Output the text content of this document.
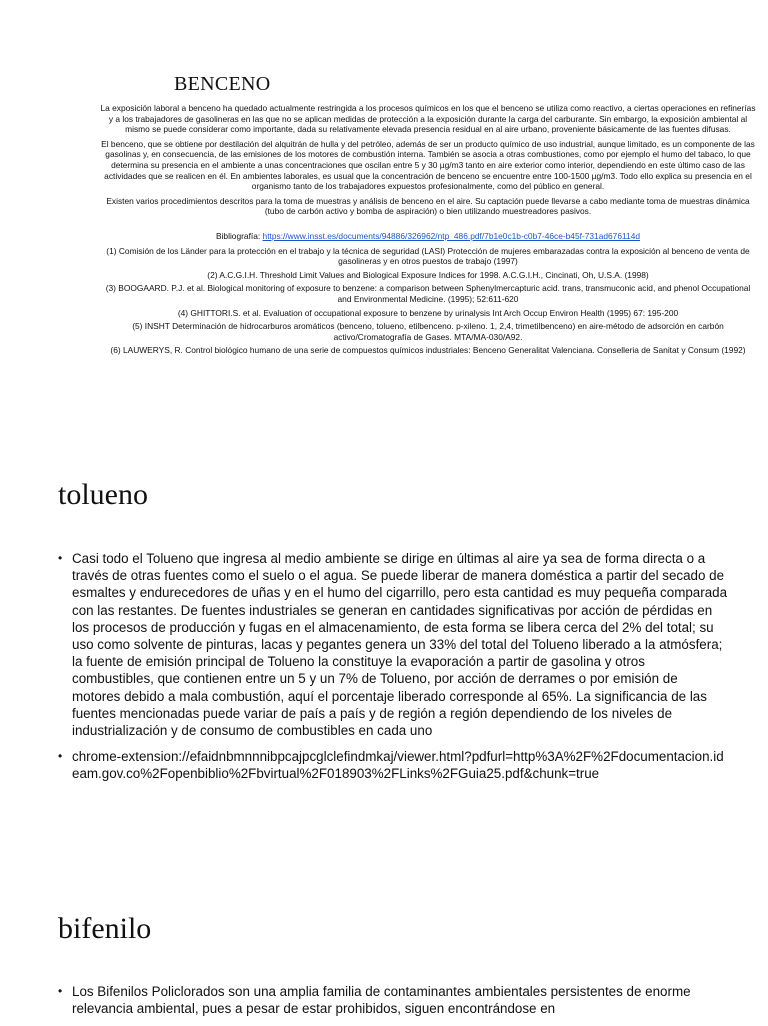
BENCENO

La exposición laboral a benceno ha quedado actualmente restringida a los procesos químicos en los que el benceno se utiliza como reactivo, a ciertas operaciones en refinerías y a los trabajadores de gasolineras en las que no se aplican medidas de protección a la exposición durante la carga del carburante. Sin embargo, la exposición ambiental al mismo se puede considerar como importante, dada su relativamente elevada presencia residual en al aire urbano, proveniente básicamente de las fuentes difusas.

El benceno, que se obtiene por destilación del alquitrán de hulla y del petróleo, además de ser un producto químico de uso industrial, aunque limitado, es un componente de las gasolinas y, en consecuencia, de las emisiones de los motores de combustión interna. También se asocia a otras combustiones, como por ejemplo el humo del tabaco, lo que determina su presencia en el ambiente a unas concentraciones que oscilan entre 5 y 30 µg/m3 tanto en aire exterior como interior, dependiendo en este último caso de las actividades que se realicen en él. En ambientes laborales, es usual que la concentración de benceno se encuentre entre 100-1500 µg/m3. Todo ello explica su presencia en el organismo tanto de los trabajadores expuestos profesionalmente, como del público en general.

Existen varios procedimientos descritos para la toma de muestras y análisis de benceno en el aire. Su captación puede llevarse a cabo mediante toma de muestras dinámica (tubo de carbón activo y bomba de aspiración) o bien utilizando muestreadores pasivos.

Bibliografía: https://www.insst.es/documents/94886/326962/ntp_486.pdf/7b1e0c1b-c0b7-46ce-b45f-731ad676114d

(1) Comisión de los Länder para la protección en el trabajo y la técnica de seguridad (LASI) Protección de mujeres embarazadas contra la exposición al benceno de venta de gasolineras y en otros puestos de trabajo (1997)

(2) A.C.G.I.H. Threshold Limit Values and Biological Exposure Indices for 1998. A.C.G.I.H., Cincinati, Oh, U.S.A. (1998)

(3) BOOGAARD. P.J. et al. Biological monitoring of exposure to benzene: a comparison between Sphenylmercapturic acid. trans, transmuconic acid, and phenol Occupational and Environmental Medicine. (1995); 52:611-620

(4) GHITTORI.S. et al. Evaluation of occupational exposure to benzene by urinalysis Int Arch Occup Environ Health (1995) 67: 195-200

(5) INSHT Determinación de hidrocarburos aromáticos (benceno, tolueno, etilbenceno. p-xileno. 1, 2,4, trimetilbenceno) en aire-método de adsorción en carbón activo/Cromatografía de Gases. MTA/MA-030/A92.

(6) LAUWERYS, R. Control biológico humano de una serie de compuestos químicos industriales: Benceno Generalitat Valenciana. Conselleria de Sanitat y Consum (1992)

tolueno
• Casi todo el Tolueno que ingresa al medio ambiente se dirige en últimas al aire ya sea de forma directa o a través de otras fuentes como el suelo o el agua. Se puede liberar de manera doméstica a partir del secado de esmaltes y endurecedores de uñas y en el humo del cigarrillo, pero esta cantidad es muy pequeña comparada con las restantes. De fuentes industriales se generan en cantidades significativas por acción de pérdidas en los procesos de producción y fugas en el almacenamiento, de esta forma se libera cerca del 2% del total; su uso como solvente de pinturas, lacas y pegantes genera un 33% del total del Tolueno liberado a la atmósfera; la fuente de emisión principal de Tolueno la constituye la evaporación a partir de gasolina y otros combustibles, que contienen entre un 5 y un 7% de Tolueno, por acción de derrames o por emisión de motores debido a mala combustión, aquí el porcentaje liberado corresponde al 65%. La significancia de las fuentes mencionadas puede variar de país a país y de región a región dependiendo de los niveles de industrialización y de consumo de combustibles en cada uno
• chrome-extension://efaidnbmnnnibpcajpcglclefindmkaj/viewer.html?pdfurl=http%3A%2F%2Fdocumentacion.ideam.gov.co%2Fopenbiblio%2Fbvirtual%2F018903%2FLinks%2FGuia25.pdf&chunk=true
bifenilo
• Los Bifenilos Policlorados son una amplia familia de contaminantes ambientales persistentes de enorme relevancia ambiental, pues a pesar de estar prohibidos, siguen encontrándose en
